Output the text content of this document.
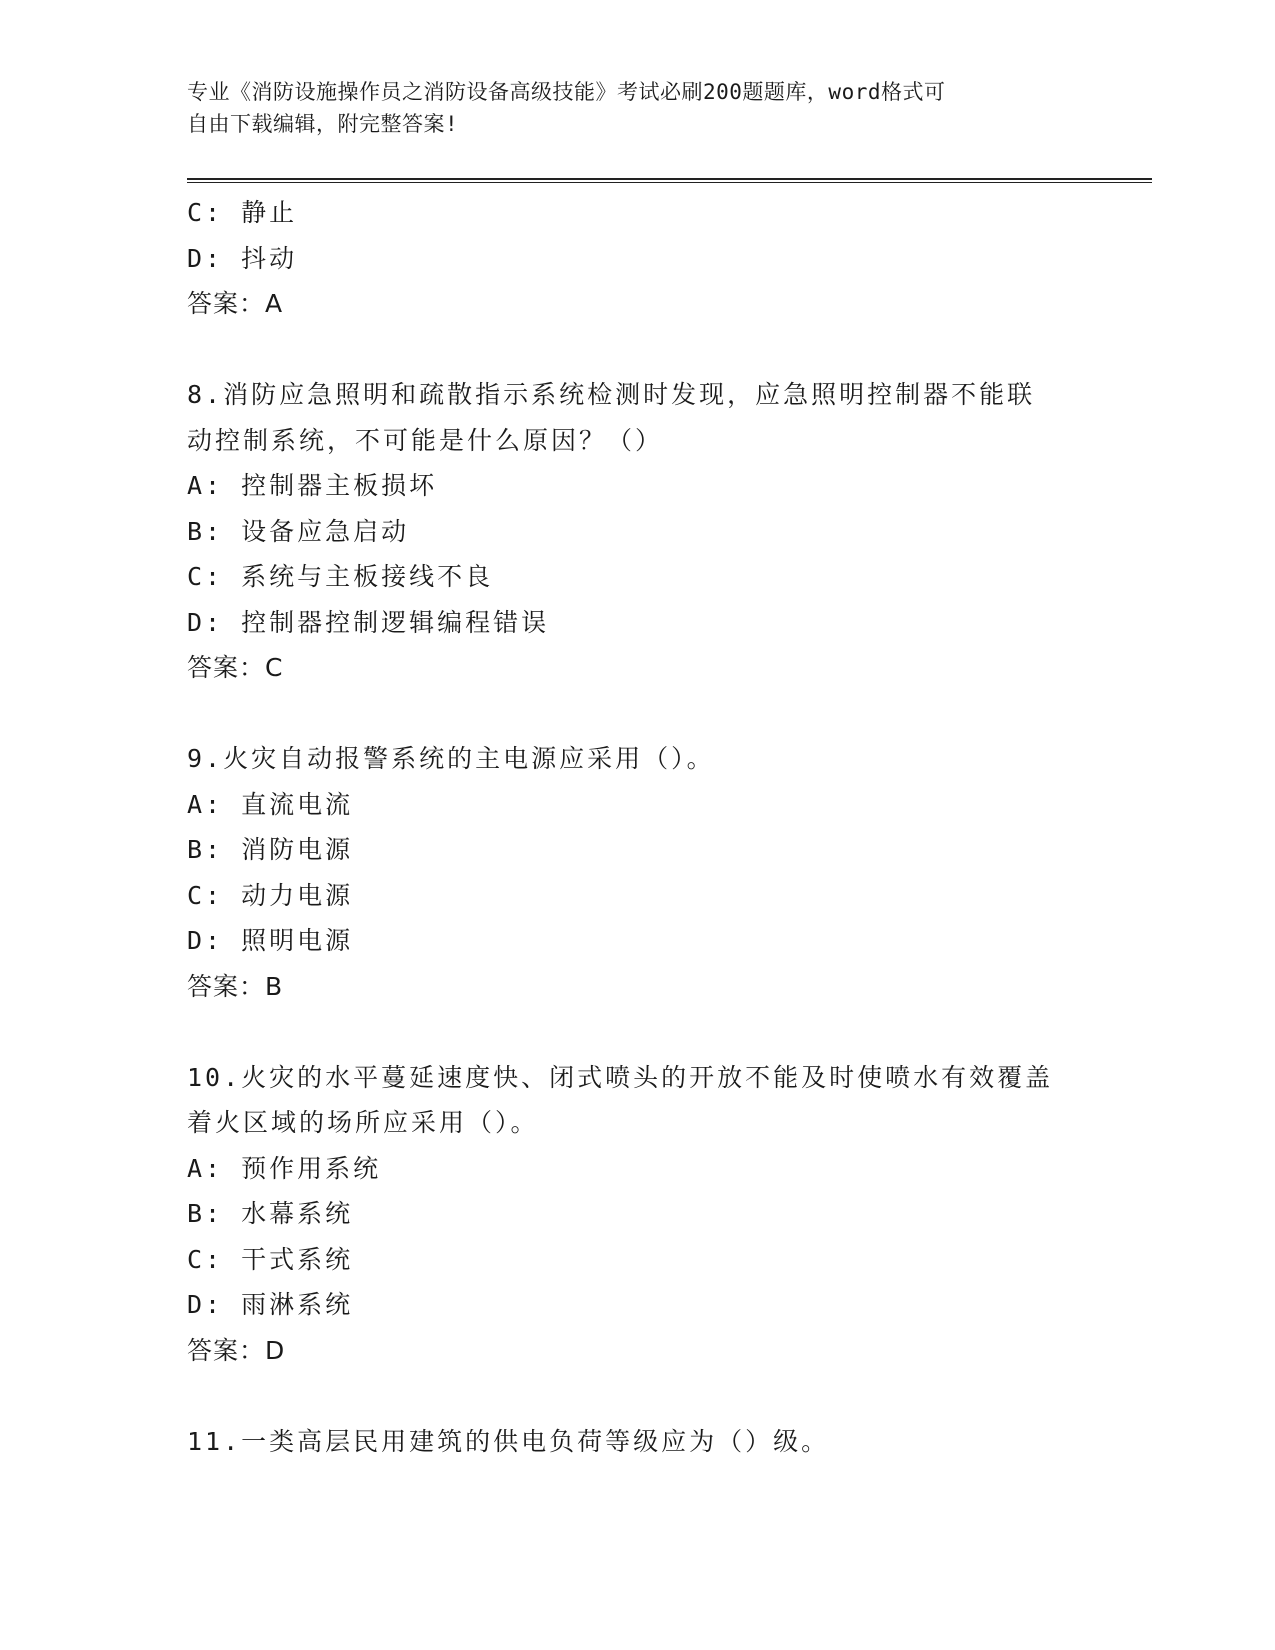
专业《消防设施操作员之消防设备高级技能》考试必刷200题题库，word格式可
自由下载编辑，附完整答案!
C: 静止
D: 抖动
答案：A
8.消防应急照明和疏散指示系统检测时发现，应急照明控制器不能联
动控制系统，不可能是什么原因？（）
A: 控制器主板损坏
B: 设备应急启动
C: 系统与主板接线不良
D: 控制器控制逻辑编程错误
答案：C
9.火灾自动报警系统的主电源应采用（）。
A: 直流电流
B: 消防电源
C: 动力电源
D: 照明电源
答案：B
10.火灾的水平蔓延速度快、闭式喷头的开放不能及时使喷水有效覆盖
着火区域的场所应采用（）。
A: 预作用系统
B: 水幕系统
C: 干式系统
D: 雨淋系统
答案：D
11.一类高层民用建筑的供电负荷等级应为（）级。
